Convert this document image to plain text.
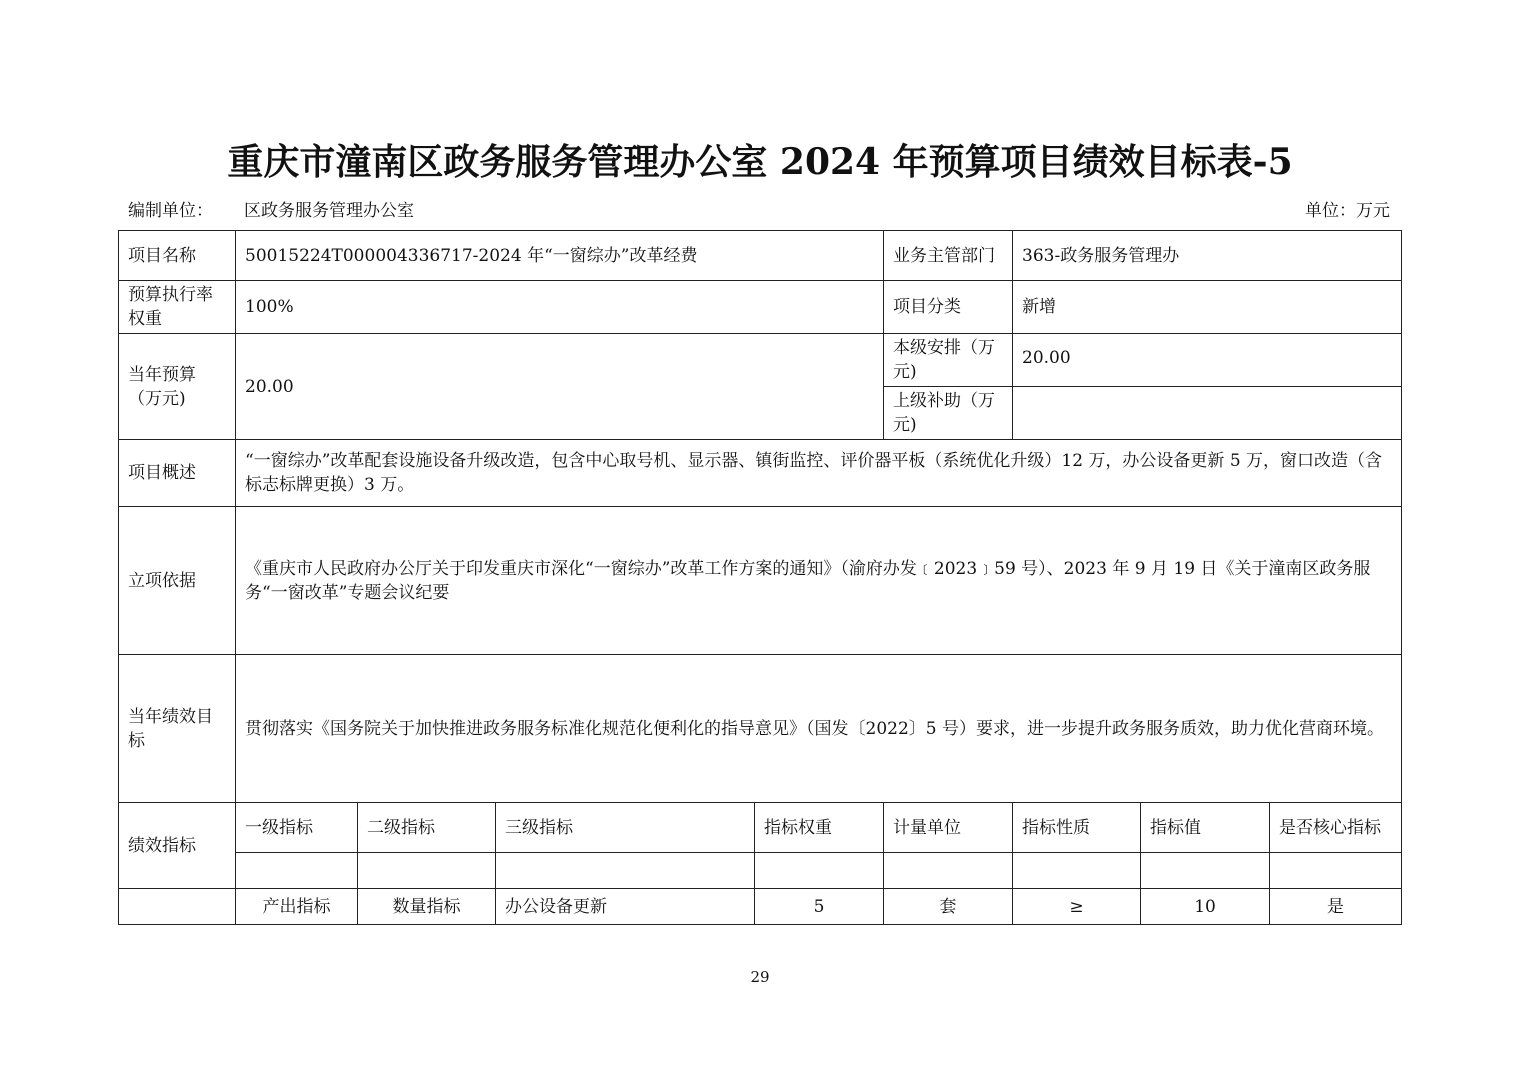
重庆市潼南区政务服务管理办公室 2024 年预算项目绩效目标表-5
编制单位： 区政务服务管理办公室	单位：万元
项目名称	50015224T000004336717-2024 年“一窗综办”改革经费				业务主管部门	363-政务服务管理办		
预算执行率权重	100%				项目分类	新增		
当年预算（万元)	20.00				本级安排（万元)	20.00		
					上级补助（万元)			
项目概述	“一窗综办”改革配套设施设备升级改造，包含中心取号机、显示器、镇街监控、评价器平板（系统优化升级）12 万，办公设备更新 5 万，窗口改造（含标志标牌更换）3 万。							
立项依据	《重庆市人民政府办公厅关于印发重庆市深化“一窗综办”改革工作方案的通知》（渝府办发﹝2023﹞59 号）、2023 年 9 月 19 日《关于潼南区政务服务“一窗改革”专题会议纪要							
当年绩效目标	贯彻落实《国务院关于加快推进政务服务标准化规范化便利化的指导意见》（国发〔2022〕5 号）要求，进一步提升政务服务质效，助力优化营商环境。							
绩效指标	一级指标	二级指标	三级指标	指标权重	计量单位	指标性质	指标值	是否核心指标

	产出指标	数量指标	办公设备更新	5	套	≥	10	是
29
